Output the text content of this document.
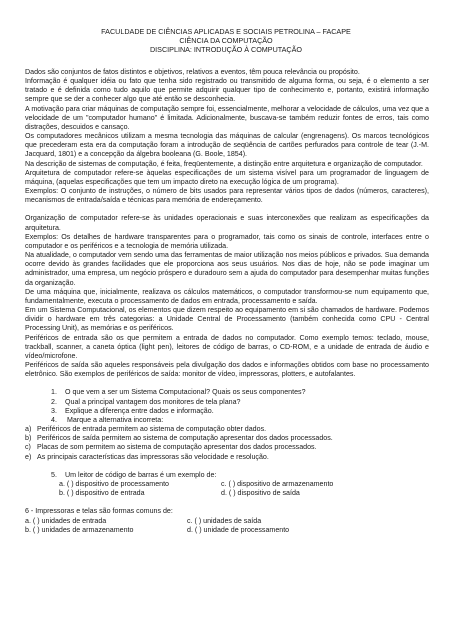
FACULDADE DE CIÊNCIAS APLICADAS E SOCIAIS PETROLINA – FACAPE
CIÊNCIA DA COMPUTAÇÃO
DISCIPLINA: INTRODUÇÃO À COMPUTAÇÃO

Dados são conjuntos de fatos distintos e objetivos, relativos a eventos, têm pouca relevância ou propósito.

Informação é qualquer idéia ou fato que tenha sido registrado ou transmitido de alguma forma, ou seja, é o elemento a ser tratado e é definida como tudo aquilo que permite adquirir qualquer tipo de conhecimento e, portanto, existirá informação sempre que se der a conhecer algo que até então se desconhecia.

A motivação para criar máquinas de computação sempre foi, essencialmente, melhorar a velocidade de cálculos, uma vez que a velocidade de um "computador humano" é limitada. Adicionalmente, buscava-se também reduzir fontes de erros, tais como distrações, descuidos e cansaço.

Os computadores mecânicos utilizam a mesma tecnologia das máquinas de calcular (engrenagens). Os marcos tecnológicos que precederam esta era da computação foram a introdução de seqüência de cartões perfurados para controle de tear (J.-M. Jacquard, 1801) e a concepção da álgebra booleana (G. Boole, 1854).

Na descrição de sistemas de computação, é feita, freqüentemente, a distinção entre arquitetura e organização de computador.

Arquitetura de computador refere-se àquelas especificações de um sistema visível para um programador de linguagem de máquina, (aquelas especificações que tem um impacto direto na execução lógica de um programa).

Exemplos: O conjunto de instruções, o número de bits usados para representar vários tipos de dados (números, caracteres), mecanismos de entrada/saída e técnicas para memória de endereçamento.

Organização de computador refere-se às unidades operacionais e suas interconexões que realizam as especificações da arquitetura.

Exemplos: Os detalhes de hardware transparentes para o programador, tais como os sinais de controle, interfaces entre o computador e os periféricos e a tecnologia de memória utilizada.

Na atualidade, o computador vem sendo uma das ferramentas de maior utilização nos meios públicos e privados. Sua demanda ocorre devido às grandes facilidades que ele proporciona aos seus usuários. Nos dias de hoje, não se pode imaginar um administrador, uma empresa, um negócio próspero e duradouro sem a ajuda do computador para desempenhar muitas funções da organização.

De uma máquina que, inicialmente, realizava os cálculos matemáticos, o computador transformou-se num equipamento que, fundamentalmente, executa o processamento de dados em entrada, processamento e saída.

Em um Sistema Computacional, os elementos que dizem respeito ao equipamento em si são chamados de hardware. Podemos dividir o hardware em três categorias: a Unidade Central de Processamento (também conhecida como CPU - Central Processing Unit), as memórias e os periféricos.

Periféricos de entrada são os que permitem a entrada de dados no computador. Como exemplo temos: teclado, mouse, trackball, scanner, a caneta óptica (light pen), leitores de código de barras, o CD-ROM, e a unidade de entrada de áudio e vídeo/microfone.

Periféricos de saída são aqueles responsáveis pela divulgação dos dados e informações obtidos com base no processamento eletrônico. São exemplos de periféricos de saída: monitor de vídeo, impressoras, plotters, e autofalantes.

1. O que vem a ser um Sistema Computacional? Quais os seus componentes?
2. Qual a principal vantagem dos monitores de tela plana?
3. Explique a diferença entre dados e informação.
4. Marque a alternativa incorreta:
a) Periféricos de entrada permitem ao sistema de computação obter dados.
b) Periféricos de saída permitem ao sistema de computação apresentar dos dados processados.
c) Placas de som permitem ao sistema de computação apresentar dos dados processados.
e) As principais características das impressoras são velocidade e resolução.
5. Um leitor de código de barras é um exemplo de:
a. ( ) dispositivo de processamento	c. ( ) dispositivo de armazenamento
b. ( ) dispositivo de entrada	d. ( ) dispositivo de saída
6 - Impressoras e telas são formas comuns de:
a. ( ) unidades de entrada	c. ( ) unidades de saída
b. ( ) unidades de armazenamento	d. ( ) unidade de processamento
